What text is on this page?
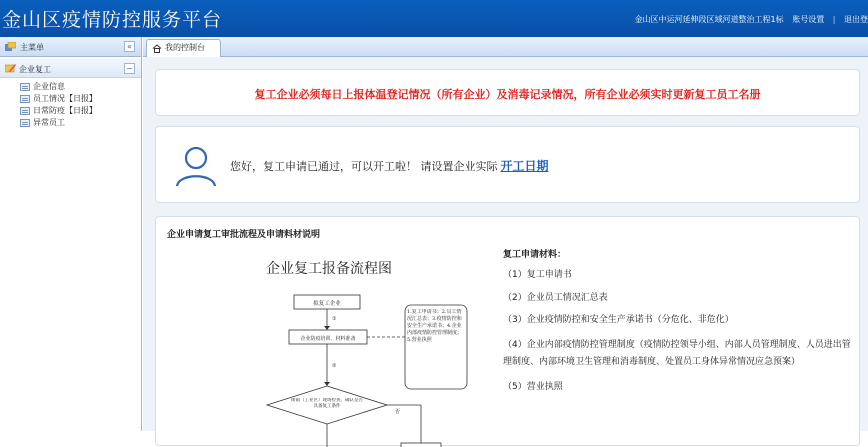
金山区疫情防控服务平台	金山区中运河延伸段区域河道整治工程1标 账号设置 | 退出登
主菜单	«
企业复工	−
企业信息
员工情况【日报】
日常防疫【日报】
异常员工
我的控制台
复工企业必须每日上报体温登记情况（所有企业）及消毒记录情况，所有企业必须实时更新复工员工名册
您好，复工申请已通过，可以开工啦！ 请设置企业实际 开工日期
企业申请复工审批流程及申请料材说明
企业复工报备流程图
拟复工企业
①
企业防疫培训、材料准备
1.复工申请书；2.员工情况汇总表；3.疫情防控和安全生产承诺书；4.企业内部疫情防控管理制度；5.营业执照
②
街镇（工业区）现场检查，确认是否具备复工条件
否
复工申请材料：
（1）复工申请书
（2）企业员工情况汇总表
（3）企业疫情防控和安全生产承诺书（分危化、非危化）
（4）企业内部疫情防控管理制度（疫情防控领导小组、内部人员管理制度、人员进出管理制度、内部环境卫生管理和消毒制度、处置员工身体异常情况应急预案）
（5）营业执照
